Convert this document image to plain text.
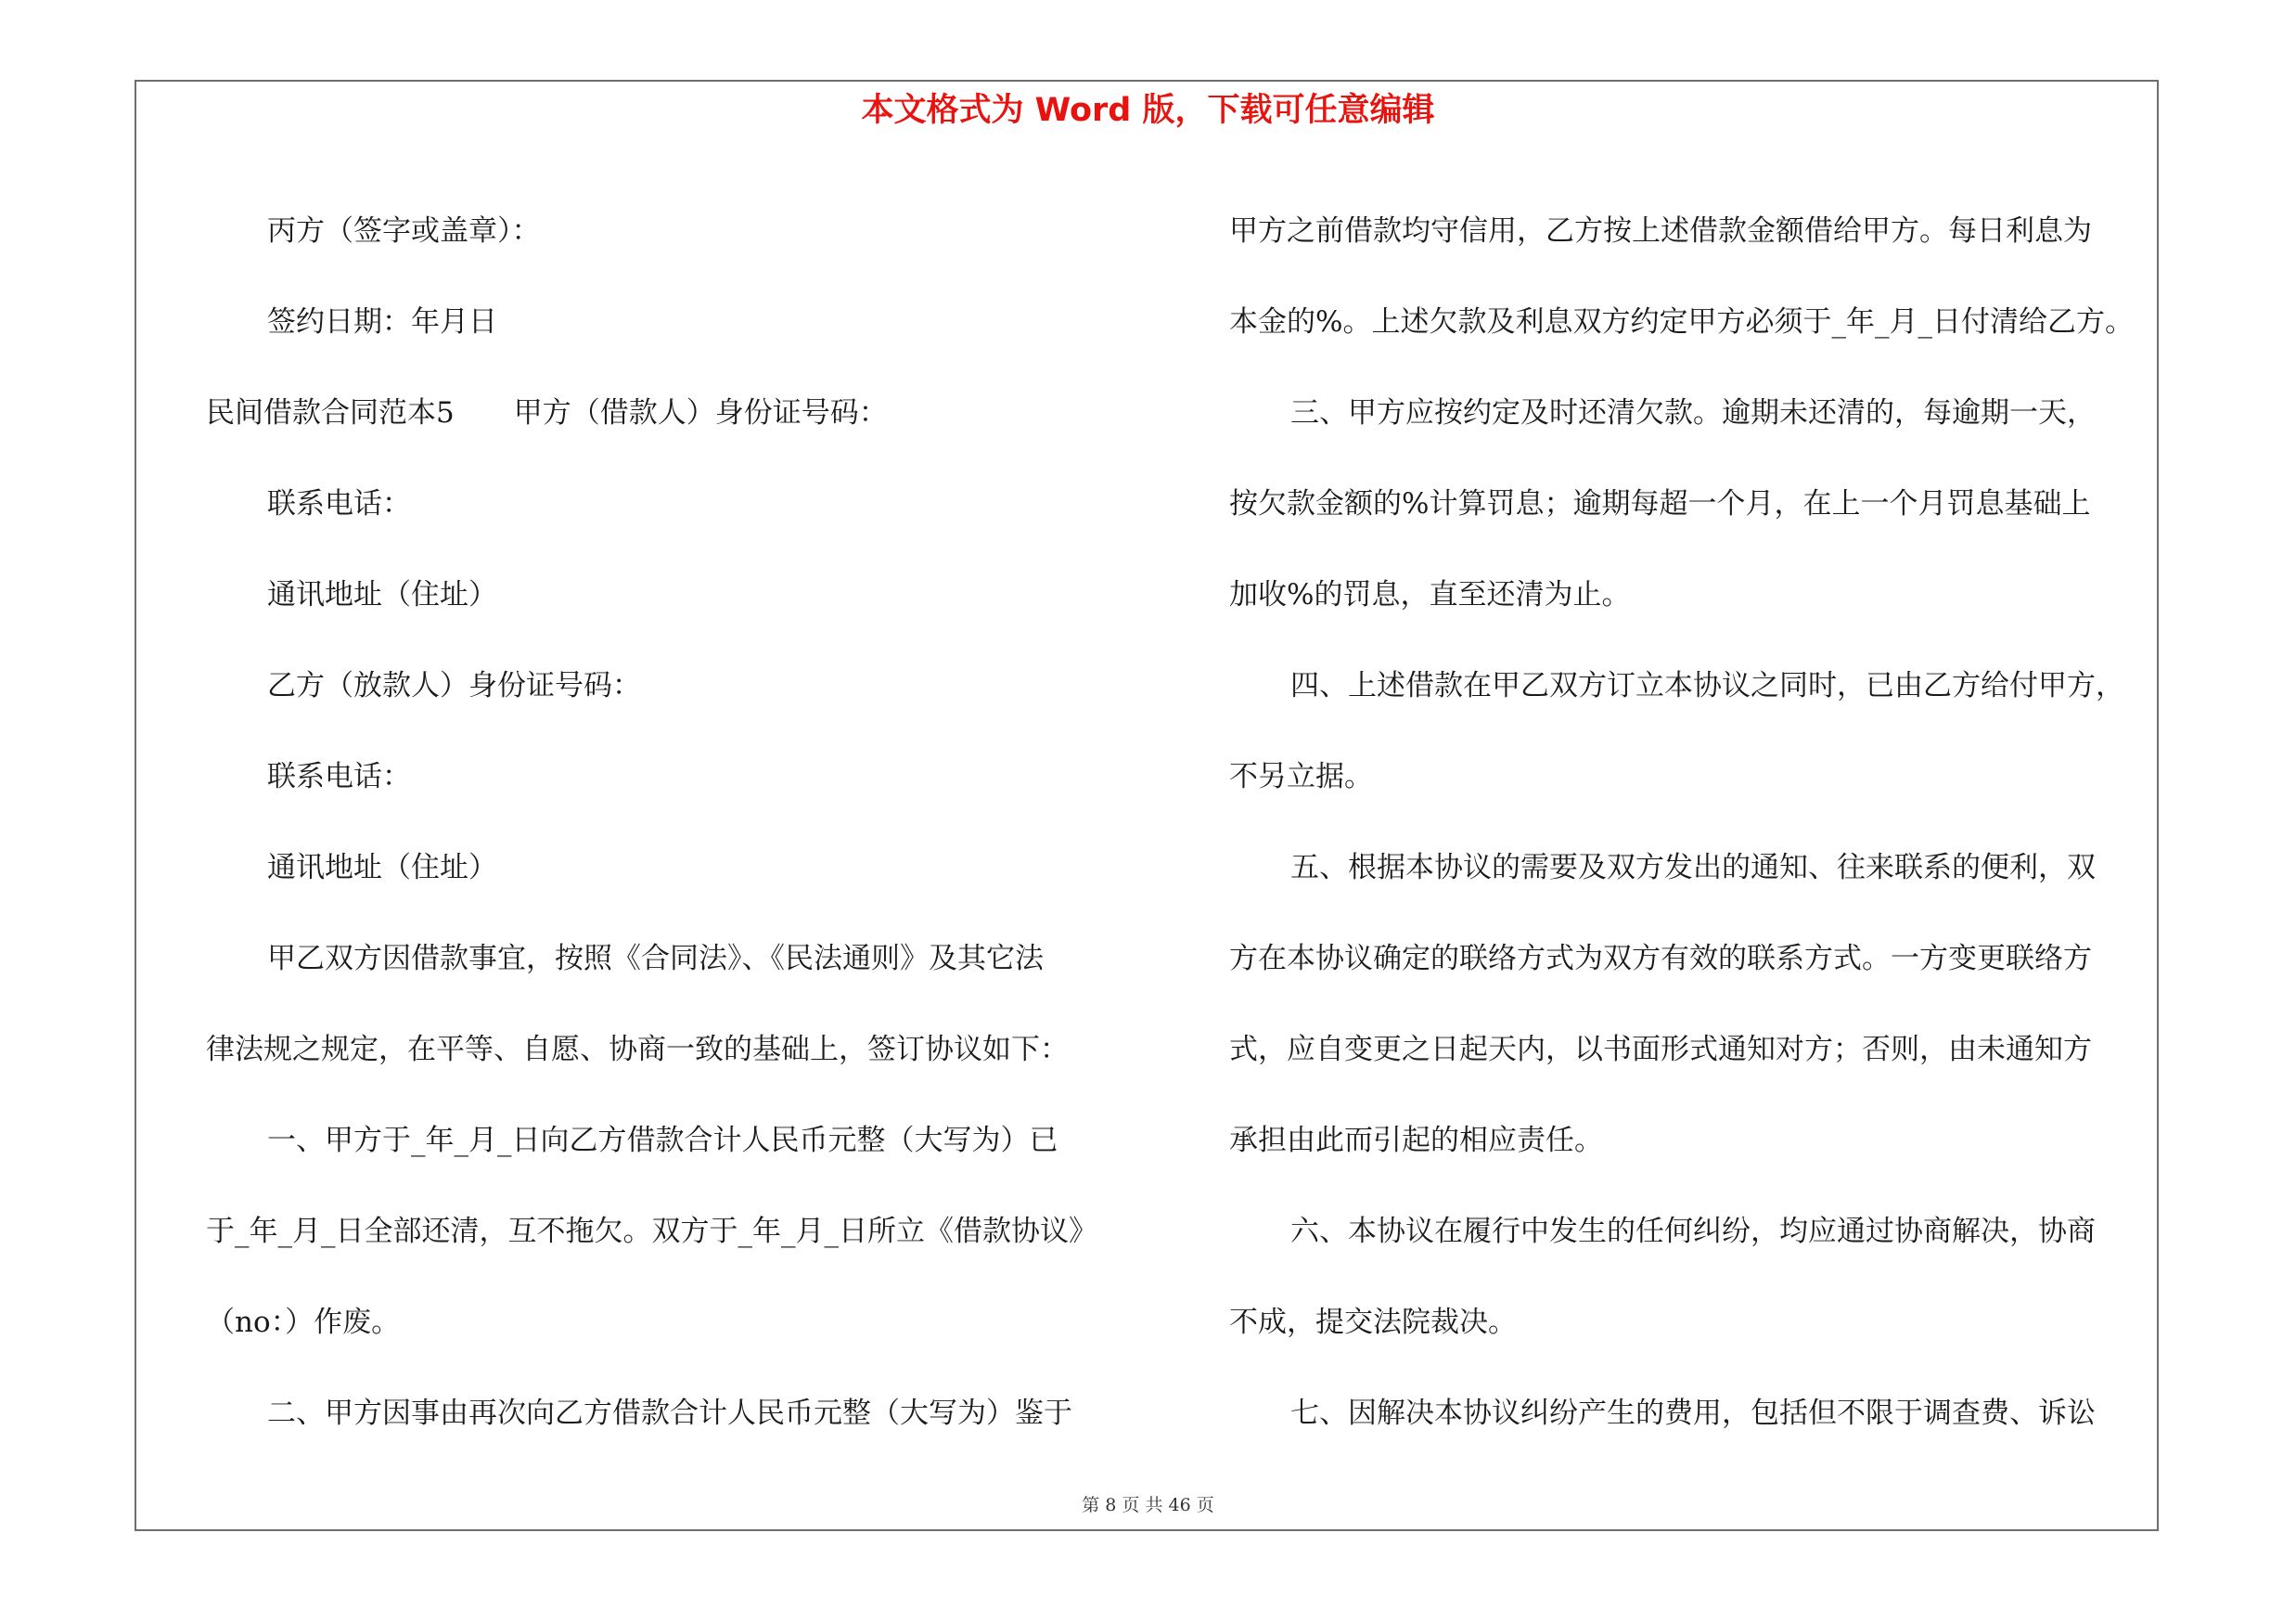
本文格式为 Word 版，下载可任意编辑
丙方（签字或盖章）：
签约日期：年月日
民间借款合同范本5 甲方（借款人）身份证号码：
联系电话：
通讯地址（住址）
乙方（放款人）身份证号码：
联系电话：
通讯地址（住址）
甲乙双方因借款事宜，按照《合同法》、《民法通则》及其它法
律法规之规定，在平等、自愿、协商一致的基础上，签订协议如下：
一、甲方于_年_月_日向乙方借款合计人民币元整（大写为）已
于_年_月_日全部还清，互不拖欠。双方于_年_月_日所立《借款协议》
（no：）作废。
二、甲方因事由再次向乙方借款合计人民币元整（大写为）鉴于
甲方之前借款均守信用，乙方按上述借款金额借给甲方。每日利息为
本金的%。上述欠款及利息双方约定甲方必须于_年_月_日付清给乙方。
三、甲方应按约定及时还清欠款。逾期未还清的，每逾期一天，
按欠款金额的%计算罚息；逾期每超一个月，在上一个月罚息基础上
加收%的罚息，直至还清为止。
四、上述借款在甲乙双方订立本协议之同时，已由乙方给付甲方，
不另立据。
五、根据本协议的需要及双方发出的通知、往来联系的便利，双
方在本协议确定的联络方式为双方有效的联系方式。一方变更联络方
式，应自变更之日起天内，以书面形式通知对方；否则，由未通知方
承担由此而引起的相应责任。
六、本协议在履行中发生的任何纠纷，均应通过协商解决，协商
不成，提交法院裁决。
七、因解决本协议纠纷产生的费用，包括但不限于调查费、诉讼
第 8 页 共 46 页
